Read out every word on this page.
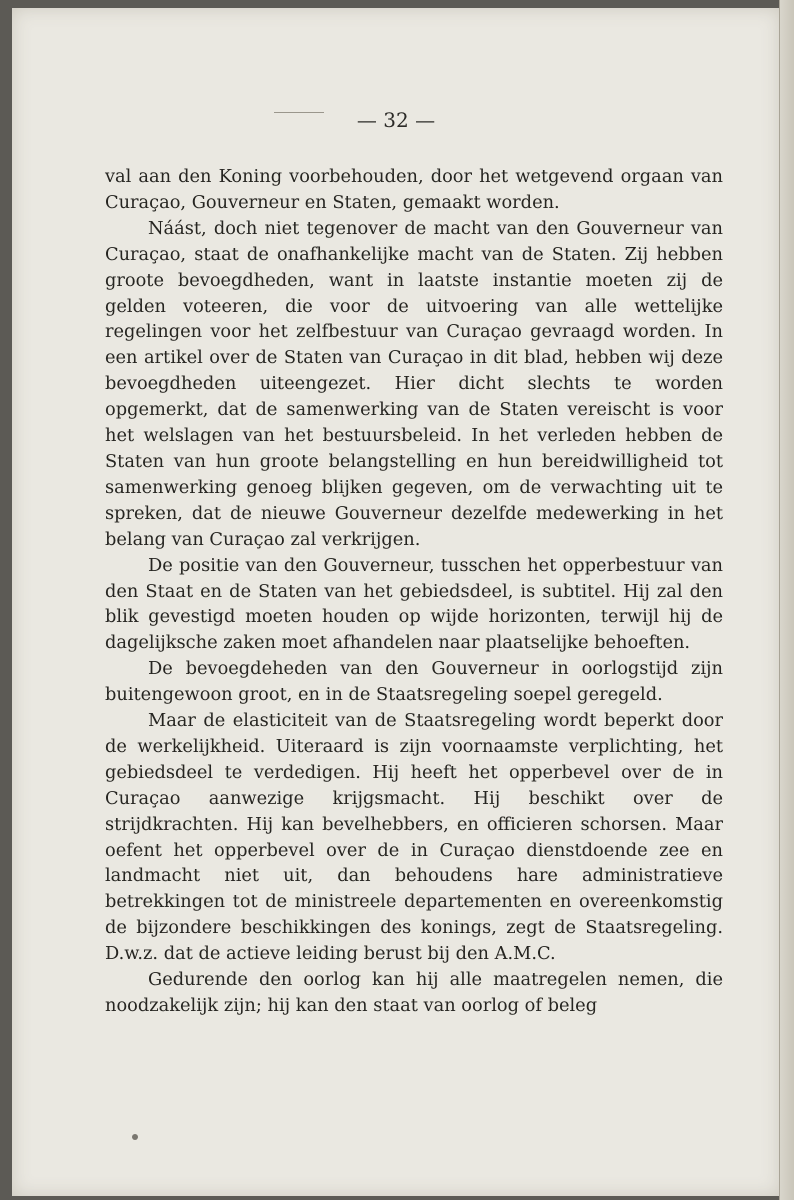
— 32 —

val aan den Koning voorbehouden, door het wetgevend orgaan van Curaçao, Gouverneur en Staten, gemaakt worden.

Náást, doch niet tegenover de macht van den Gouverneur van Curaçao, staat de onafhankelijke macht van de Staten. Zij hebben groote bevoegdheden, want in laatste instantie moeten zij de gelden voteeren, die voor de uitvoering van alle wettelijke regelingen voor het zelfbestuur van Curaçao gevraagd worden. In een artikel over de Staten van Curaçao in dit blad, hebben wij deze bevoegdheden uiteengezet. Hier dicht slechts te worden opgemerkt, dat de samenwerking van de Staten vereischt is voor het welslagen van het bestuursbeleid. In het verleden hebben de Staten van hun groote belangstelling en hun bereidwilligheid tot samenwerking genoeg blijken gegeven, om de verwachting uit te spreken, dat de nieuwe Gouverneur dezelfde medewerking in het belang van Curaçao zal verkrijgen.

De positie van den Gouverneur, tusschen het opperbestuur van den Staat en de Staten van het gebiedsdeel, is subtitel. Hij zal den blik gevestigd moeten houden op wijde horizonten, terwijl hij de dagelijksche zaken moet afhandelen naar plaatselijke behoeften.

De bevoegdeheden van den Gouverneur in oorlogstijd zijn buitengewoon groot, en in de Staatsregeling soepel geregeld.

Maar de elasticiteit van de Staatsregeling wordt beperkt door de werkelijkheid. Uiteraard is zijn voornaamste verplichting, het gebiedsdeel te verdedigen. Hij heeft het opperbevel over de in Curaçao aanwezige krijgsmacht. Hij beschikt over de strijdkrachten. Hij kan bevelhebbers, en officieren schorsen. Maar oefent het opperbevel over de in Curaçao dienstdoende zee en landmacht niet uit, dan behoudens hare administratieve betrekkingen tot de ministreele departementen en overeenkomstig de bijzondere beschikkingen des konings, zegt de Staatsregeling. D.w.z. dat de actieve leiding berust bij den A.M.C.

Gedurende den oorlog kan hij alle maatregelen nemen, die noodzakelijk zijn; hij kan den staat van oorlog of beleg
